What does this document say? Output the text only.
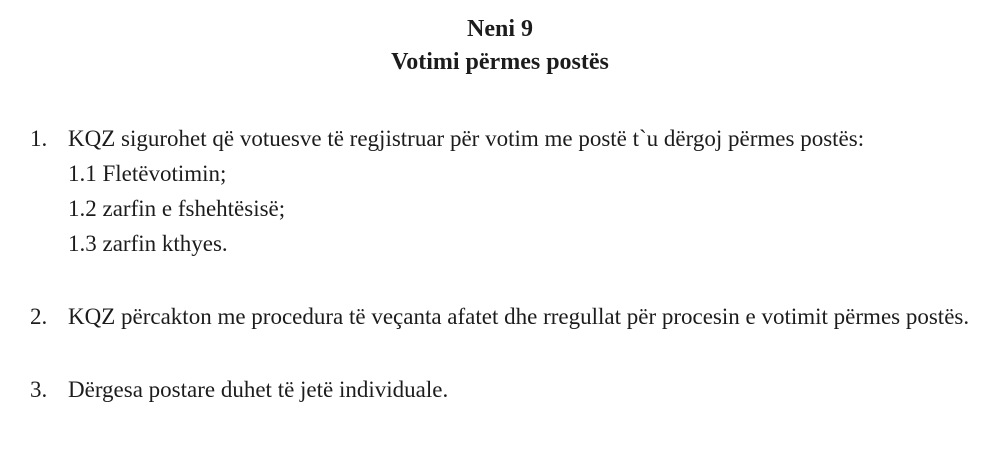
Neni 9
Votimi përmes postës
1. KQZ sigurohet që votuesve të regjistruar për votim me postë t`u dërgoj përmes postës:
1.1 Fletëvotimin;
1.2 zarfin e fshehtësisë;
1.3 zarfin kthyes.
2. KQZ përcakton me procedura të veçanta afatet dhe rregullat për procesin e votimit përmes postës.
3. Dërgesa postare duhet të jetë individuale.
